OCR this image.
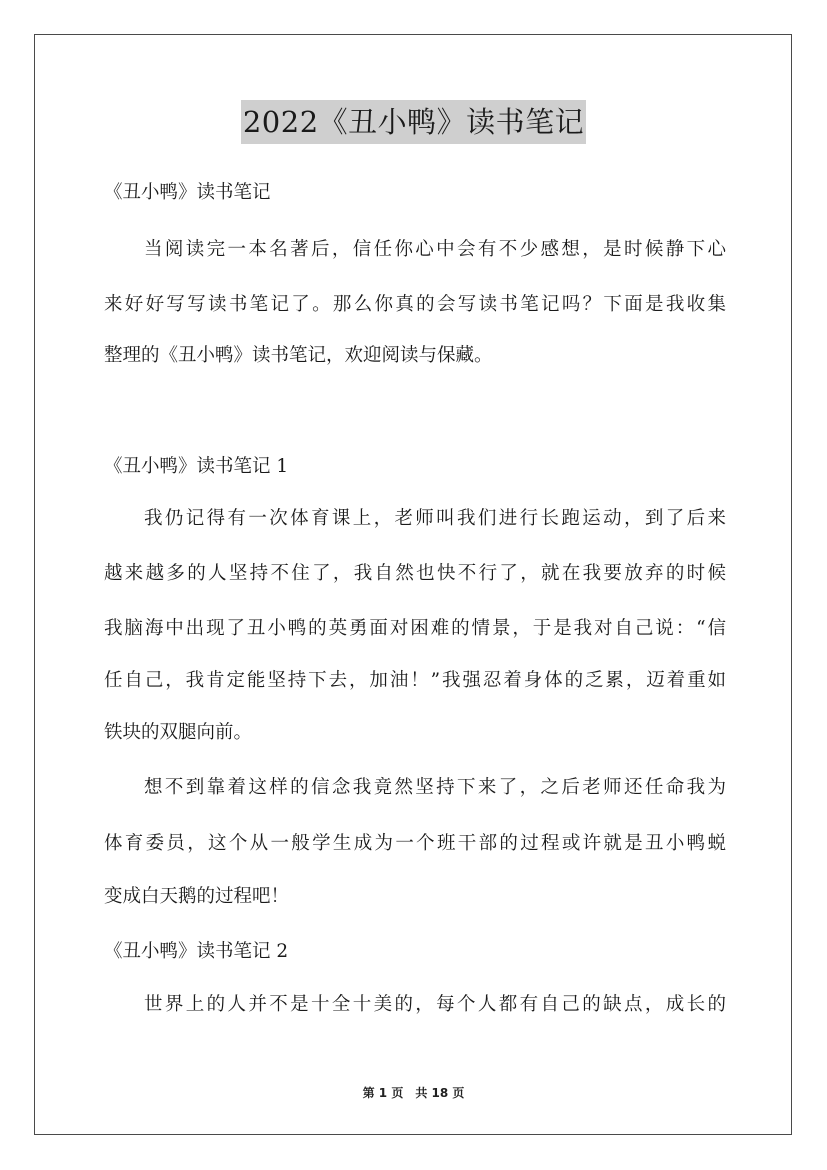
2022《丑小鸭》读书笔记
《丑小鸭》读书笔记
当阅读完一本名著后，信任你心中会有不少感想，是时候静下心
来好好写写读书笔记了。那么你真的会写读书笔记吗？下面是我收集
整理的《丑小鸭》读书笔记，欢迎阅读与保藏。
《丑小鸭》读书笔记 1
我仍记得有一次体育课上，老师叫我们进行长跑运动，到了后来
越来越多的人坚持不住了，我自然也快不行了，就在我要放弃的时候
我脑海中出现了丑小鸭的英勇面对困难的情景，于是我对自己说：“信
任自己，我肯定能坚持下去，加油！”我强忍着身体的乏累，迈着重如
铁块的双腿向前。
想不到靠着这样的信念我竟然坚持下来了，之后老师还任命我为
体育委员，这个从一般学生成为一个班干部的过程或许就是丑小鸭蜕
变成白天鹅的过程吧！
《丑小鸭》读书笔记 2
世界上的人并不是十全十美的，每个人都有自己的缺点，成长的
第 1 页　共 18 页
